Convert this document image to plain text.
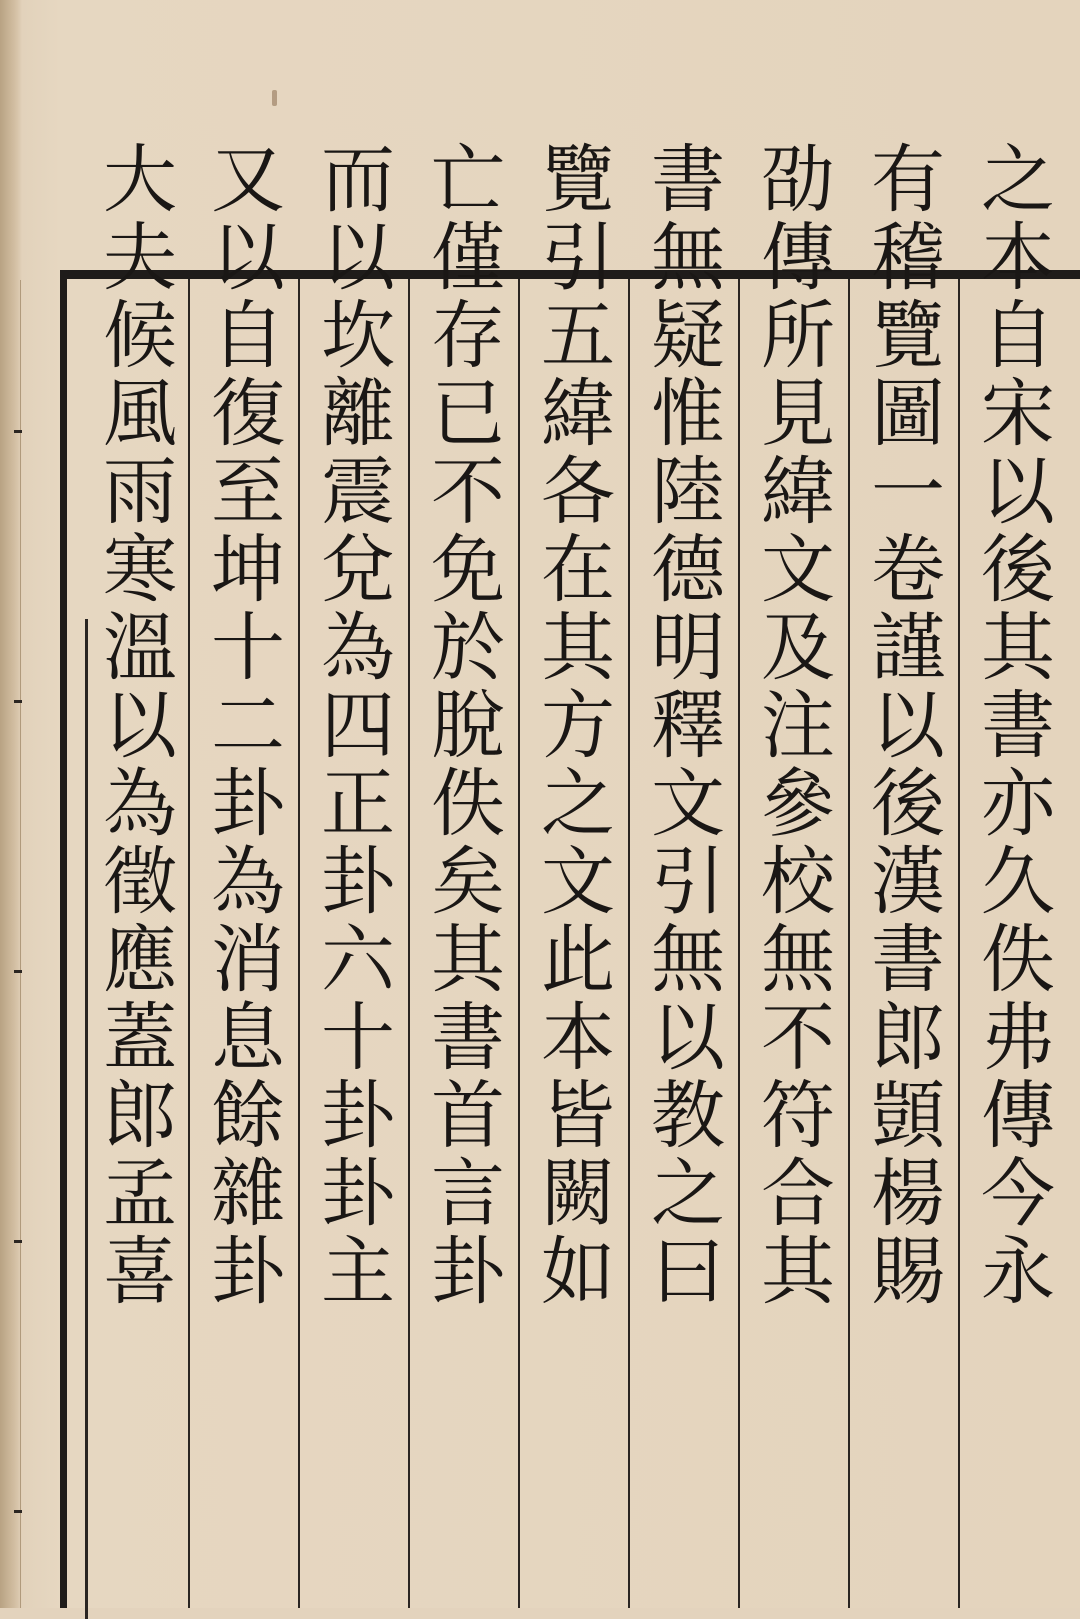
之本自宋以後其書亦久佚弗傳今永
有稽覽圖一卷謹以後漢書郎顗楊賜
劭傳所見緯文及注參校無不符合其
書無疑惟陸德明釋文引無以教之曰
覽引五緯各在其方之文此本皆闕如
亡僅存已不免於脫佚矣其書首言卦
而以坎離震兌為四正卦六十卦卦主
又以自復至坤十二卦為消息餘雜卦
大夫候風雨寒溫以為徵應蓋郎孟喜
